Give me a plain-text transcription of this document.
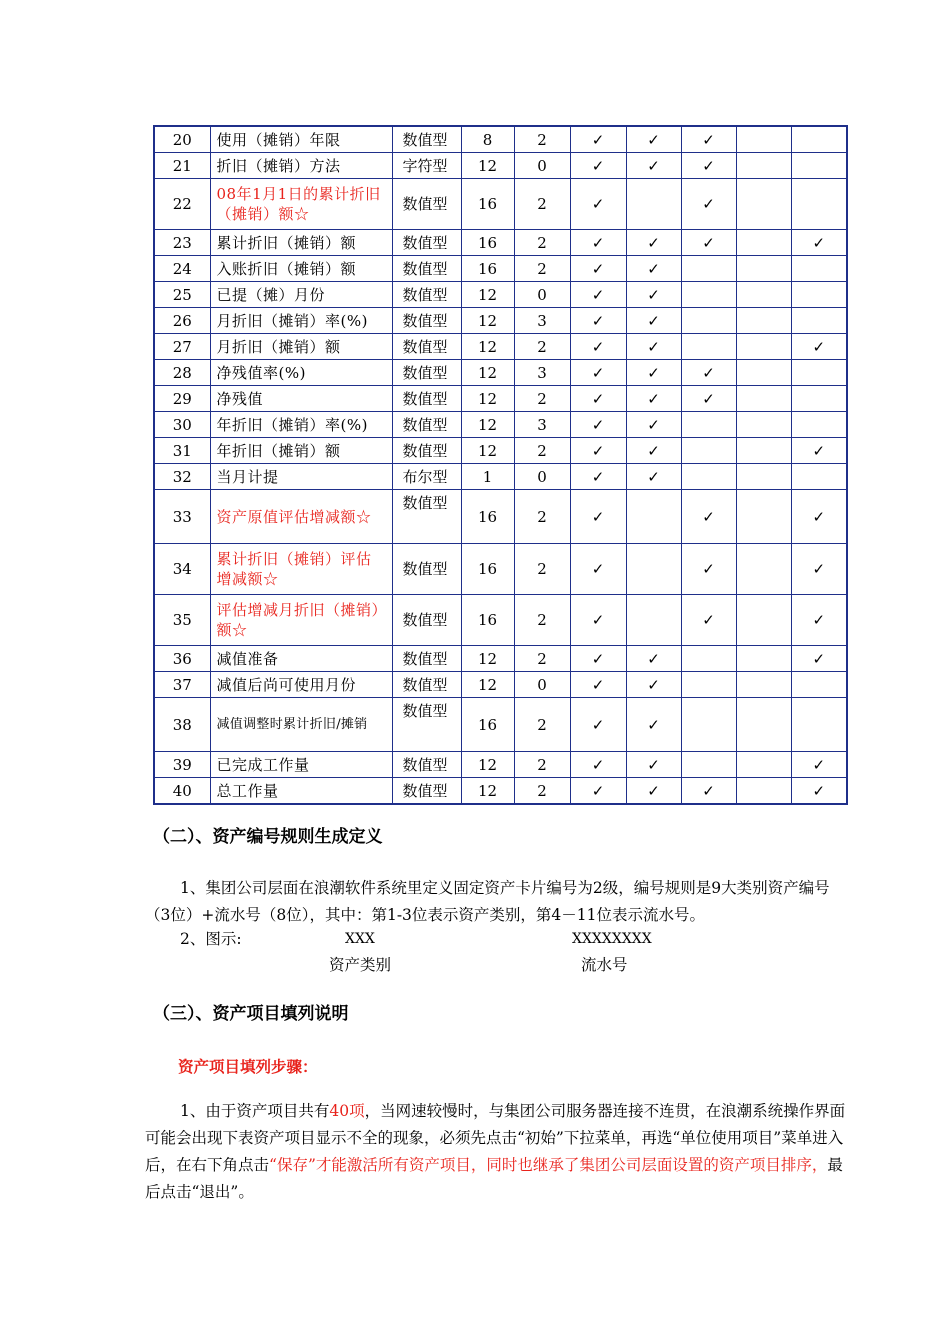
20	使用（摊销）年限	数值型	8	2	✓	✓	✓		
21	折旧（摊销）方法	字符型	12	0	✓	✓	✓		
22	08年1月1日的累计折旧（摊销）额☆	数值型	16	2	✓		✓		
23	累计折旧（摊销）额	数值型	16	2	✓	✓	✓		✓
24	入账折旧（摊销）额	数值型	16	2	✓	✓			
25	已提（摊）月份	数值型	12	0	✓	✓			
26	月折旧（摊销）率(%)	数值型	12	3	✓	✓			
27	月折旧（摊销）额	数值型	12	2	✓	✓			✓
28	净残值率(%)	数值型	12	3	✓	✓	✓		
29	净残值	数值型	12	2	✓	✓	✓		
30	年折旧（摊销）率(%)	数值型	12	3	✓	✓			
31	年折旧（摊销）额	数值型	12	2	✓	✓			✓
32	当月计提	布尔型	1	0	✓	✓			
33	资产原值评估增减额☆	数值型	16	2	✓		✓		✓
34	累计折旧（摊销）评估增减额☆	数值型	16	2	✓		✓		✓
35	评估增减月折旧（摊销）额☆	数值型	16	2	✓		✓		✓
36	减值准备	数值型	12	2	✓	✓			✓
37	减值后尚可使用月份	数值型	12	0	✓	✓			
38	减值调整时累计折旧/摊销	数值型	16	2	✓	✓			
39	已完成工作量	数值型	12	2	✓	✓			✓
40	总工作量	数值型	12	2	✓	✓	✓		✓
（二）、资产编号规则生成定义
1、集团公司层面在浪潮软件系统里定义固定资产卡片编号为2级，编号规则是9大类别资产编号（3位）+流水号（8位），其中：第1-3位表示资产类别，第4－11位表示流水号。
2、图示:	XXX	XXXXXXXX
资产类别	流水号
（三）、资产项目填列说明
资产项目填列步骤：
1、由于资产项目共有40项，当网速较慢时，与集团公司服务器连接不连贯，在浪潮系统操作界面可能会出现下表资产项目显示不全的现象，必须先点击“初始”下拉菜单，再选“单位使用项目”菜单进入后，在右下角点击“保存”才能激活所有资产项目，同时也继承了集团公司层面设置的资产项目排序，最后点击“退出”。
